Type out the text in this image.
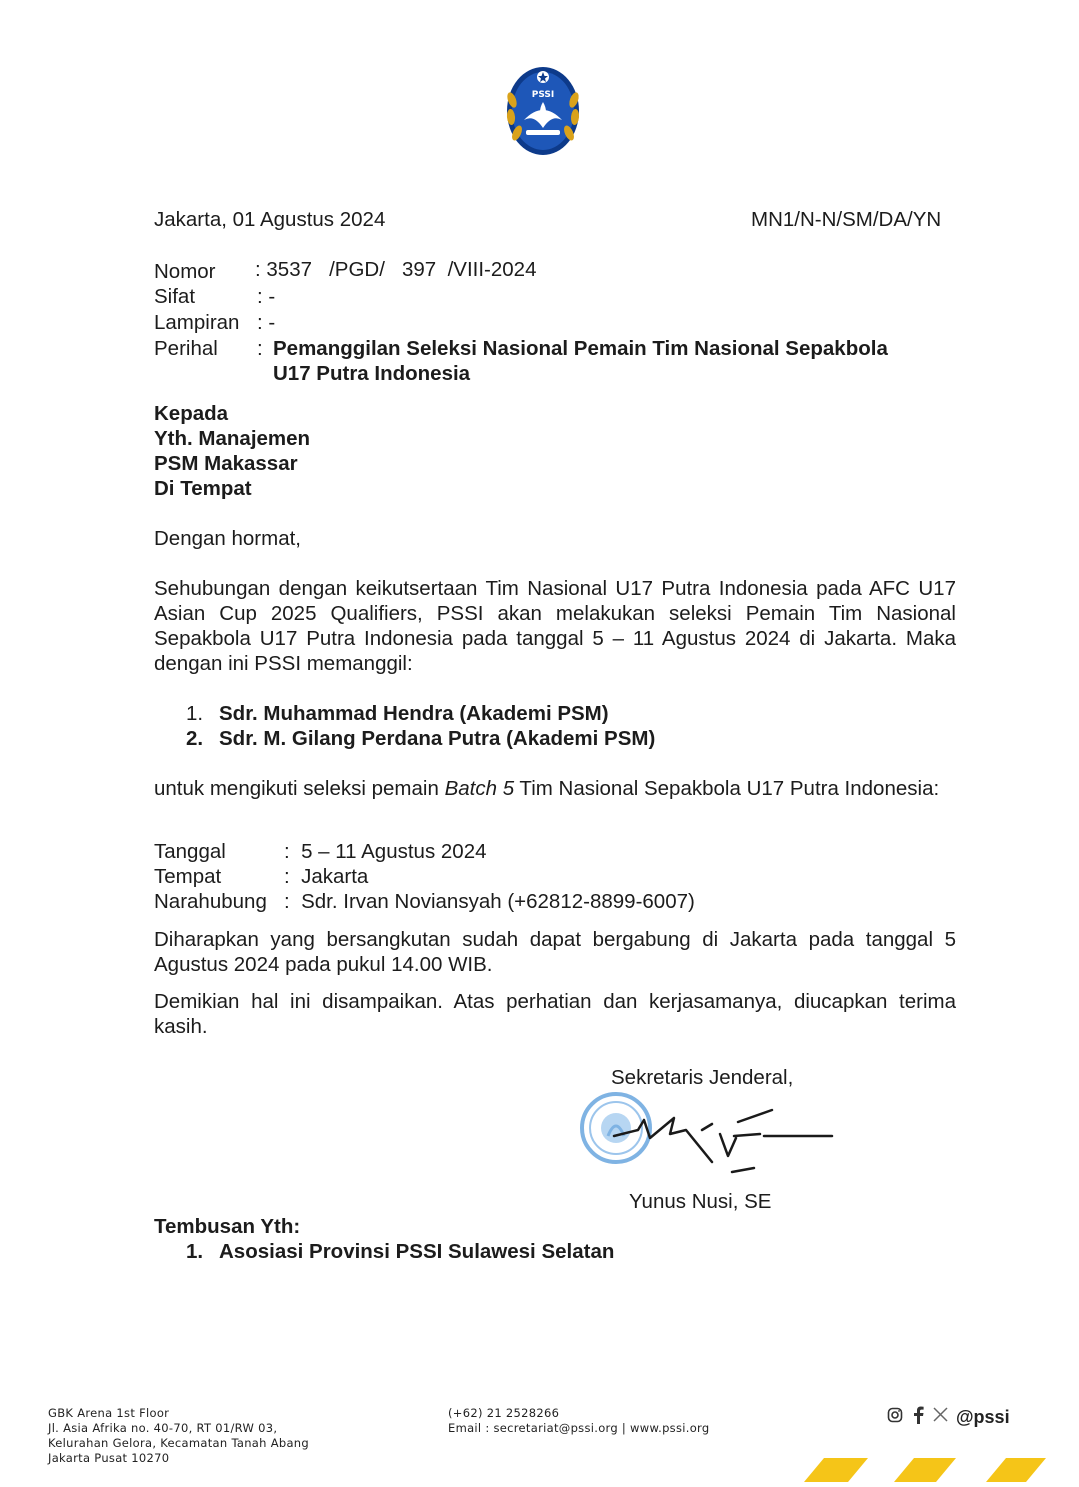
PSSI
Jakarta, 01 Agustus 2024	MN1/N-N/SM/DA/YN
Nomor : 3537   /PGD/   397  /VIII-2024
Sifat	: -
Lampiran : -
Perihal : Pemanggilan Seleksi Nasional Pemain Tim Nasional Sepakbola
U17 Putra Indonesia
Kepada
Yth. Manajemen
PSM Makassar
Di Tempat
Dengan hormat,
Sehubungan dengan keikutsertaan Tim Nasional U17 Putra Indonesia pada AFC U17 Asian Cup 2025 Qualifiers, PSSI akan melakukan seleksi Pemain Tim Nasional Sepakbola U17 Putra Indonesia pada tanggal 5 – 11 Agustus 2024 di Jakarta. Maka dengan ini PSSI memanggil:
1. Sdr. Muhammad Hendra (Akademi PSM)
2. Sdr. M. Gilang Perdana Putra (Akademi PSM)
untuk mengikuti seleksi pemain Batch 5 Tim Nasional Sepakbola U17 Putra Indonesia:
Tanggal	:  5 – 11 Agustus 2024
Tempat	:  Jakarta
Narahubung :  Sdr. Irvan Noviansyah (+62812-8899-6007)
Diharapkan yang bersangkutan sudah dapat bergabung di Jakarta pada tanggal 5 Agustus 2024 pada pukul 14.00 WIB.
Demikian hal ini disampaikan. Atas perhatian dan kerjasamanya, diucapkan terima kasih.
Sekretaris Jenderal,
Yunus Nusi, SE
Tembusan Yth:
1. Asosiasi Provinsi PSSI Sulawesi Selatan
GBK Arena 1st Floor
Jl. Asia Afrika no. 40-70, RT 01/RW 03,
Kelurahan Gelora, Kecamatan Tanah Abang
Jakarta Pusat 10270
(+62) 21 2528266
Email : secretariat@pssi.org | www.pssi.org
@pssi
